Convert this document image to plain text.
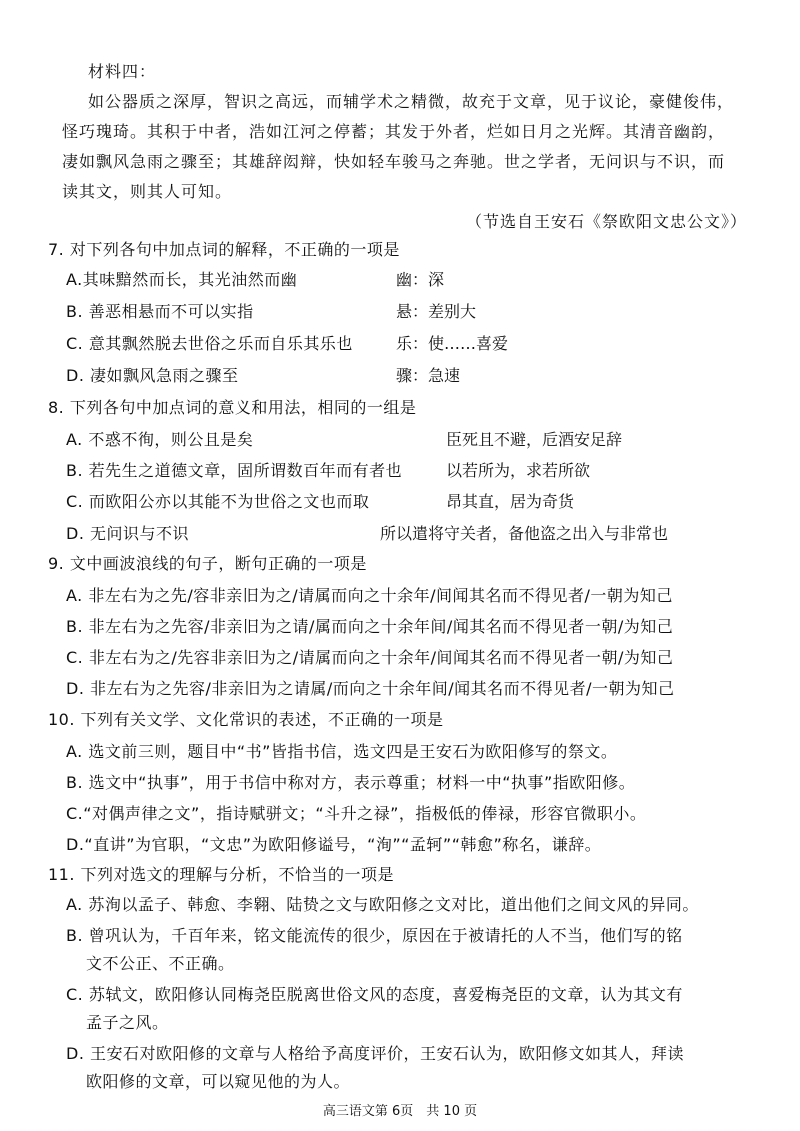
材料四：
如公器质之深厚，智识之高远，而辅学术之精微，故充于文章，见于议论，豪健俊伟，
怪巧瑰琦。其积于中者，浩如江河之停蓄；其发于外者，烂如日月之光辉。其清音幽韵，
凄如飘风急雨之骤至；其雄辞闳辩，快如轻车骏马之奔驰。世之学者，无问识与不识，而
读其文，则其人可知。
（节选自王安石《祭欧阳文忠公文》）
7. 对下列各句中加点词的解释，不正确的一项是
A.其味黯然而长，其光油然而幽	幽：深
B. 善恶相悬而不可以实指	悬：差别大
C. 意其飘然脱去世俗之乐而自乐其乐也	乐：使……喜爱
D. 凄如飘风急雨之骤至	骤：急速
8. 下列各句中加点词的意义和用法，相同的一组是
A. 不惑不徇，则公且是矣	臣死且不避，卮酒安足辞
B. 若先生之道德文章，固所谓数百年而有者也	以若所为，求若所欲
C. 而欧阳公亦以其能不为世俗之文也而取	昂其直，居为奇货
D. 无问识与不识	所以遣将守关者，备他盗之出入与非常也
9. 文中画波浪线的句子，断句正确的一项是
A. 非左右为之先/容非亲旧为之/请属而向之十余年/间闻其名而不得见者/一朝为知己
B. 非左右为之先容/非亲旧为之请/属而向之十余年间/闻其名而不得见者一朝/为知己
C. 非左右为之/先容非亲旧为之/请属而向之十余年/间闻其名而不得见者一朝/为知己
D. 非左右为之先容/非亲旧为之请属/而向之十余年间/闻其名而不得见者/一朝为知己
10. 下列有关文学、文化常识的表述，不正确的一项是
A. 选文前三则，题目中“书”皆指书信，选文四是王安石为欧阳修写的祭文。
B. 选文中“执事”，用于书信中称对方，表示尊重；材料一中“执事”指欧阳修。
C.“对偶声律之文”，指诗赋骈文；“斗升之禄”，指极低的俸禄，形容官微职小。
D.“直讲”为官职，“文忠”为欧阳修谥号，“洵”“孟轲”“韩愈”称名，谦辞。
11. 下列对选文的理解与分析，不恰当的一项是
A. 苏洵以孟子、韩愈、李翱、陆贽之文与欧阳修之文对比，道出他们之间文风的异同。
B. 曾巩认为，千百年来，铭文能流传的很少，原因在于被请托的人不当，他们写的铭
文不公正、不正确。
C. 苏轼文，欧阳修认同梅尧臣脱离世俗文风的态度，喜爱梅尧臣的文章，认为其文有
孟子之风。
D. 王安石对欧阳修的文章与人格给予高度评价，王安石认为，欧阳修文如其人，拜读
欧阳修的文章，可以窥见他的为人。
高三语文第 6页　共 10 页
